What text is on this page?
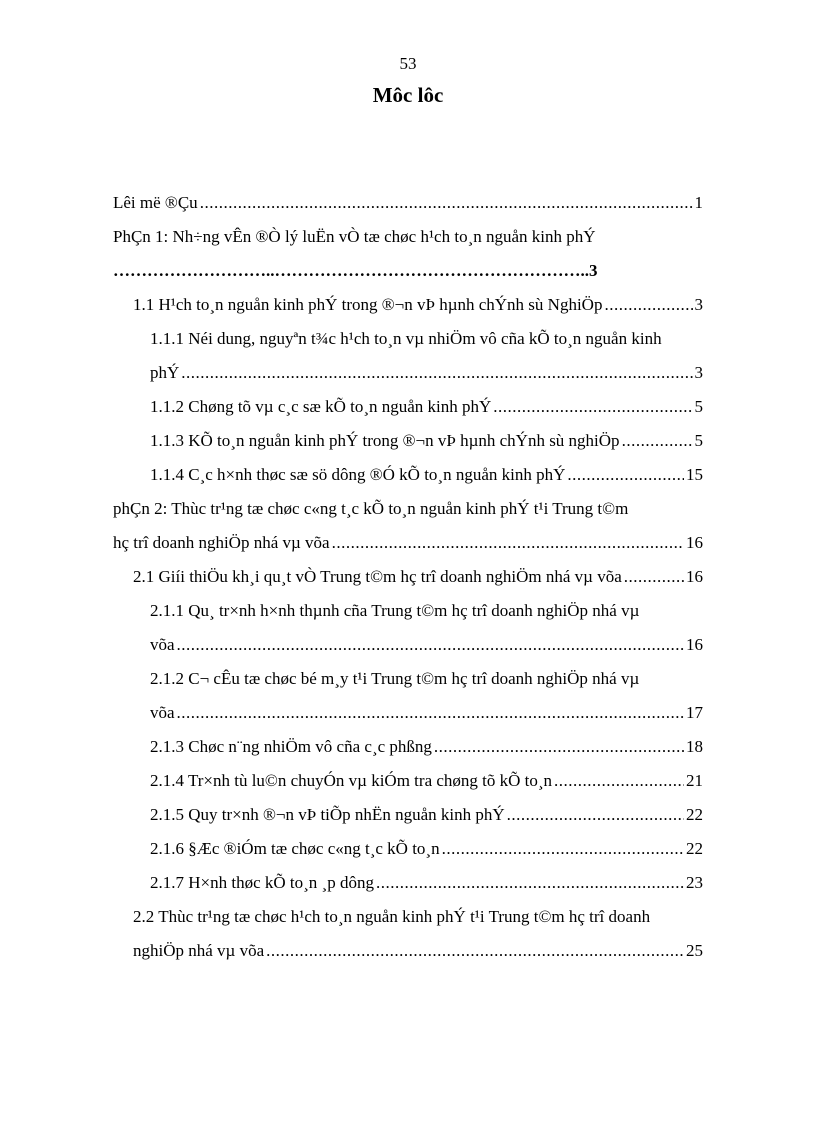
53
Môc lôc
Lêi më ®Çu .....	1
PhÇn 1: Nh÷ng vÊn ®Ò lý luËn vÒ tæ chøc h¹ch to¸n nguån kinh phÝ
………………………..……………………………………………….. 3
1.1 H¹ch to¸n nguån kinh phÝ trong ®¬n vÞ hµnh chÝnh sù NghiÖp .....	3
1.1.1 Néi dung, nguyªn t¾c h¹ch to¸n vµ nhiÖm vô cña kÕ to¸n nguån kinh
phÝ .....	3
1.1.2 Chøng tõ vµ c¸c sæ kÕ to¸n nguån kinh phÝ .....	5
1.1.3 KÕ to¸n nguån kinh phÝ trong ®¬n vÞ hµnh chÝnh sù nghiÖp .....	5
1.1.4 C¸c h×nh thøc sæ sö dông ®Ó kÕ to¸n nguån kinh phÝ .....	15
phÇn 2: Thùc tr¹ng tæ chøc c«ng t¸c kÕ to¸n nguån kinh phÝ t¹i Trung t©m
hç trî doanh nghiÖp nhá vµ võa .....	16
2.1 Giíi thiÖu kh¸i qu¸t vÒ Trung t©m hç trî doanh nghiÖm nhá vµ võa .....	16
2.1.1 Qu¸ tr×nh h×nh thµnh cña Trung t©m hç trî doanh nghiÖp nhá vµ
võa .....	16
2.1.2 C¬ cÊu tæ chøc bé m¸y t¹i Trung t©m hç trî doanh nghiÖp nhá vµ
võa .....	17
2.1.3 Chøc n¨ng nhiÖm vô cña c¸c phßng .....	18
2.1.4 Tr×nh tù lu©n chuyÓn vµ kiÓm tra chøng tõ kÕ to¸n .....	21
2.1.5 Quy tr×nh ®¬n vÞ tiÕp nhËn nguån kinh phÝ .....	22
2.1.6 §Æc ®iÓm tæ chøc c«ng t¸c kÕ to¸n .....	22
2.1.7 H×nh thøc kÕ to¸n ¸p dông .....	23
2.2 Thùc tr¹ng tæ chøc h¹ch to¸n nguån kinh phÝ t¹i Trung t©m hç trî doanh
nghiÖp nhá vµ võa .....	25
